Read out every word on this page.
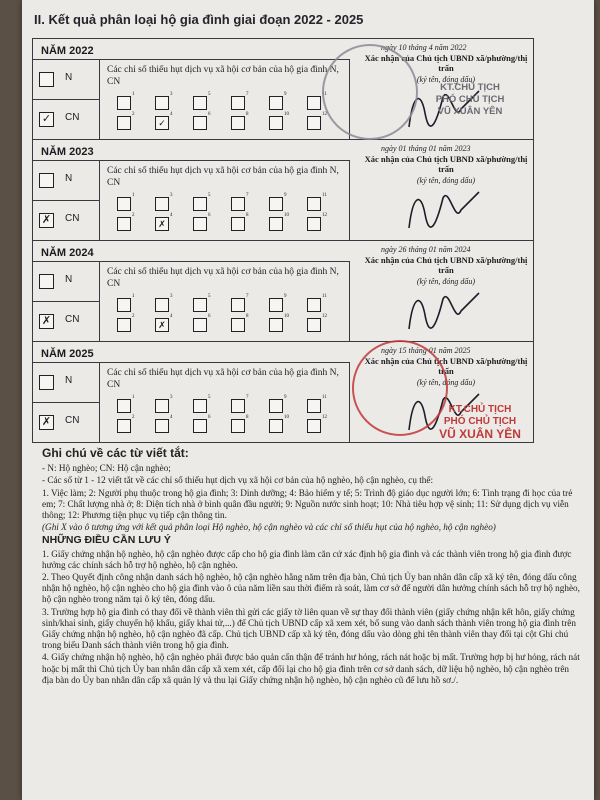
II. Kết quả phân loại hộ gia đình giai đoạn 2022 - 2025
NĂM 2022
N
✓ CN
Các chỉ số thiếu hụt dịch vụ xã hội cơ bản của hộ gia đình N, CN
1
2
3
✓
4
5
6
7
8
9
10
11
12
ngày 10 tháng 4 năm 2022
Xác nhận của Chủ tịch UBND xã/phường/thị trấn
(ký tên, đóng dấu)
NĂM 2023
N
✗ CN
Các chỉ số thiếu hụt dịch vụ xã hội cơ bản của hộ gia đình N, CN
1
2
3
✗
4
5
6
7
8
9
10
11
12
ngày 01 tháng 01 năm 2023
Xác nhận của Chủ tịch UBND xã/phường/thị trấn
(ký tên, đóng dấu)
NĂM 2024
N
✗ CN
Các chỉ số thiếu hụt dịch vụ xã hội cơ bản của hộ gia đình N, CN
1
2
3
✗
4
5
6
7
8
9
10
11
12
ngày 26 tháng 01 năm 2024
Xác nhận của Chủ tịch UBND xã/phường/thị trấn
(ký tên, đóng dấu)
NĂM 2025
N
✗ CN
Các chỉ số thiếu hụt dịch vụ xã hội cơ bản của hộ gia đình N, CN
1
2
3
4
5
6
7
8
9
10
11
12
ngày 15 tháng 01 năm 2025
Xác nhận của Chủ tịch UBND xã/phường/thị trấn
(ký tên, đóng dấu)
KT.CHỦ TỊCH
PHÓ CHỦ TỊCH
VŨ XUÂN YÊN
KT.CHỦ TỊCH
PHÓ CHỦ TỊCH
VŨ XUÂN YÊN
Ghi chú về các từ viết tắt:

- N: Hộ nghèo; CN: Hộ cận nghèo;

- Các số từ 1 - 12 viết tắt về các chỉ số thiếu hụt dịch vụ xã hội cơ bản của hộ nghèo, hộ cận nghèo, cụ thể:

1. Việc làm; 2: Người phụ thuộc trong hộ gia đình; 3: Dinh dưỡng; 4: Bảo hiểm y tế; 5: Trình độ giáo dục người lớn; 6: Tình trạng đi học của trẻ em; 7: Chất lượng nhà ở; 8: Diện tích nhà ở bình quân đầu người; 9: Nguồn nước sinh hoạt; 10: Nhà tiêu hợp vệ sinh; 11: Sử dụng dịch vụ viễn thông; 12: Phương tiện phục vụ tiếp cận thông tin.

(Ghi X vào ô tương ứng với kết quả phân loại Hộ nghèo, hộ cận nghèo và các chỉ số thiếu hụt của hộ nghèo, hộ cận nghèo)

NHỮNG ĐIỀU CẦN LƯU Ý

1. Giấy chứng nhận hộ nghèo, hộ cận nghèo được cấp cho hộ gia đình làm căn cứ xác định hộ gia đình và các thành viên trong hộ gia đình được hưởng các chính sách hỗ trợ hộ nghèo, hộ cận nghèo.

2. Theo Quyết định công nhận danh sách hộ nghèo, hộ cận nghèo hằng năm trên địa bàn, Chủ tịch Ủy ban nhân dân cấp xã ký tên, đóng dấu công nhận hộ nghèo, hộ cận nghèo cho hộ gia đình vào ô của năm liền sau thời điểm rà soát, làm cơ sở để người dân hưởng chính sách hỗ trợ hộ nghèo, hộ cận nghèo trong năm tại ô ký tên, đóng dấu.

3. Trường hợp hộ gia đình có thay đổi về thành viên thì gửi các giấy tờ liên quan về sự thay đổi thành viên (giấy chứng nhận kết hôn, giấy chứng sinh/khai sinh, giấy chuyển hộ khẩu, giấy khai tử,...) để Chủ tịch UBND cấp xã xem xét, bổ sung vào danh sách thành viên trong hộ gia đình trên Giấy chứng nhận hộ nghèo, hộ cận nghèo đã cấp. Chủ tịch UBND cấp xã ký tên, đóng dấu vào dòng ghi tên thành viên thay đổi tại cột Ghi chú trong biểu Danh sách thành viên trong hộ gia đình.

4. Giấy chứng nhận hộ nghèo, hộ cận nghèo phải được bảo quản cẩn thận để tránh hư hỏng, rách nát hoặc bị mất. Trường hợp bị hư hỏng, rách nát hoặc bị mất thì Chủ tịch Ủy ban nhân dân cấp xã xem xét, cấp đổi lại cho hộ gia đình trên cơ sở danh sách, dữ liệu hộ nghèo, hộ cận nghèo trên địa bàn do Ủy ban nhân dân cấp xã quản lý và thu lại Giấy chứng nhận hộ nghèo, hộ cận nghèo cũ để lưu hồ sơ./.
